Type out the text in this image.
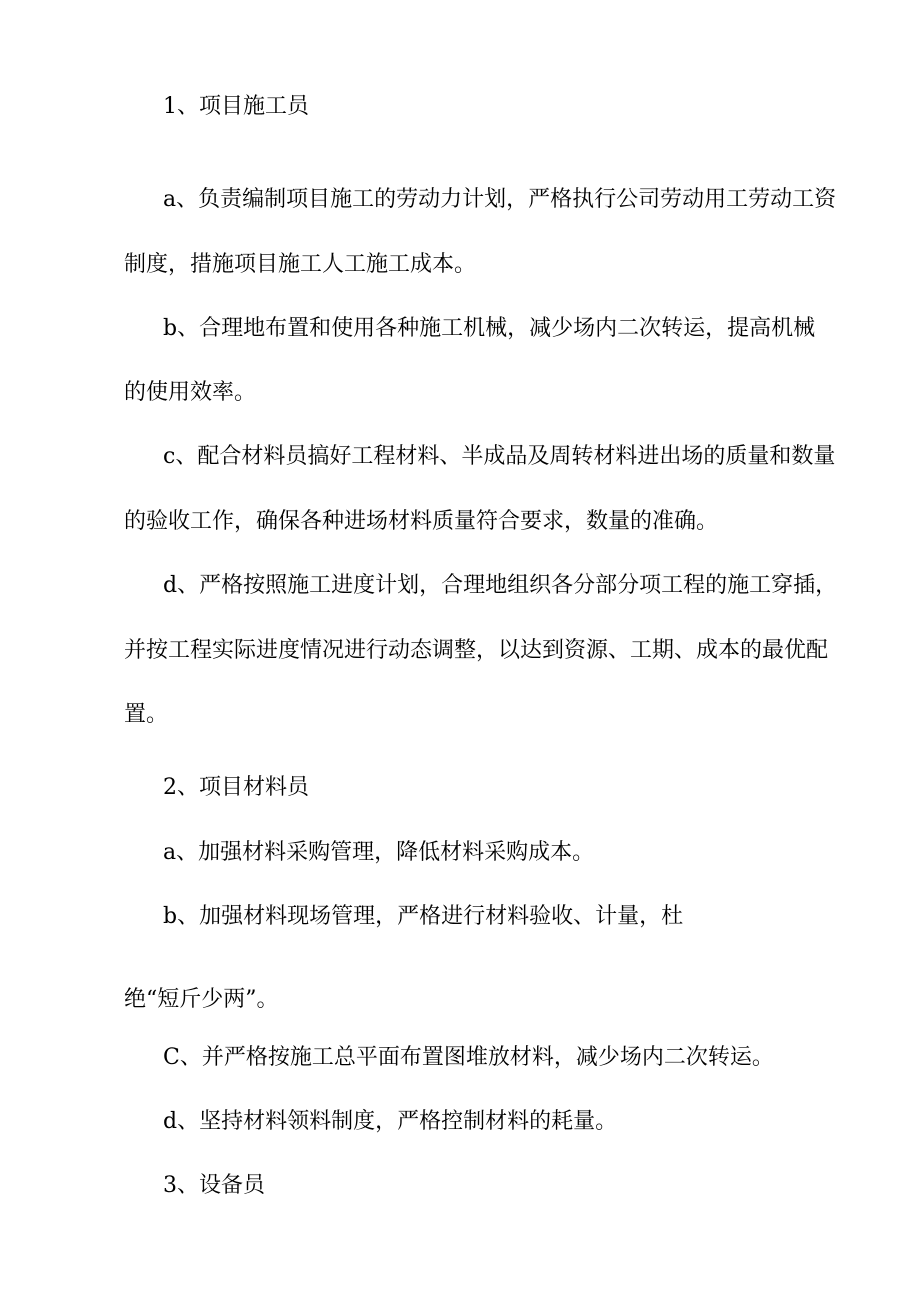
1、项目施工员
a、负责编制项目施工的劳动力计划，严格执行公司劳动用工劳动工资
制度，措施项目施工人工施工成本。
b、合理地布置和使用各种施工机械，减少场内二次转运，提高机械
的使用效率。
c、配合材料员搞好工程材料、半成品及周转材料进出场的质量和数量
的验收工作，确保各种进场材料质量符合要求，数量的准确。
d、严格按照施工进度计划，合理地组织各分部分项工程的施工穿插，
并按工程实际进度情况进行动态调整，以达到资源、工期、成本的最优配
置。
2、项目材料员
a、加强材料采购管理，降低材料采购成本。
b、加强材料现场管理，严格进行材料验收、计量，杜
绝“短斤少两”。
C、并严格按施工总平面布置图堆放材料，减少场内二次转运。
d、坚持材料领料制度，严格控制材料的耗量。
3、设备员
